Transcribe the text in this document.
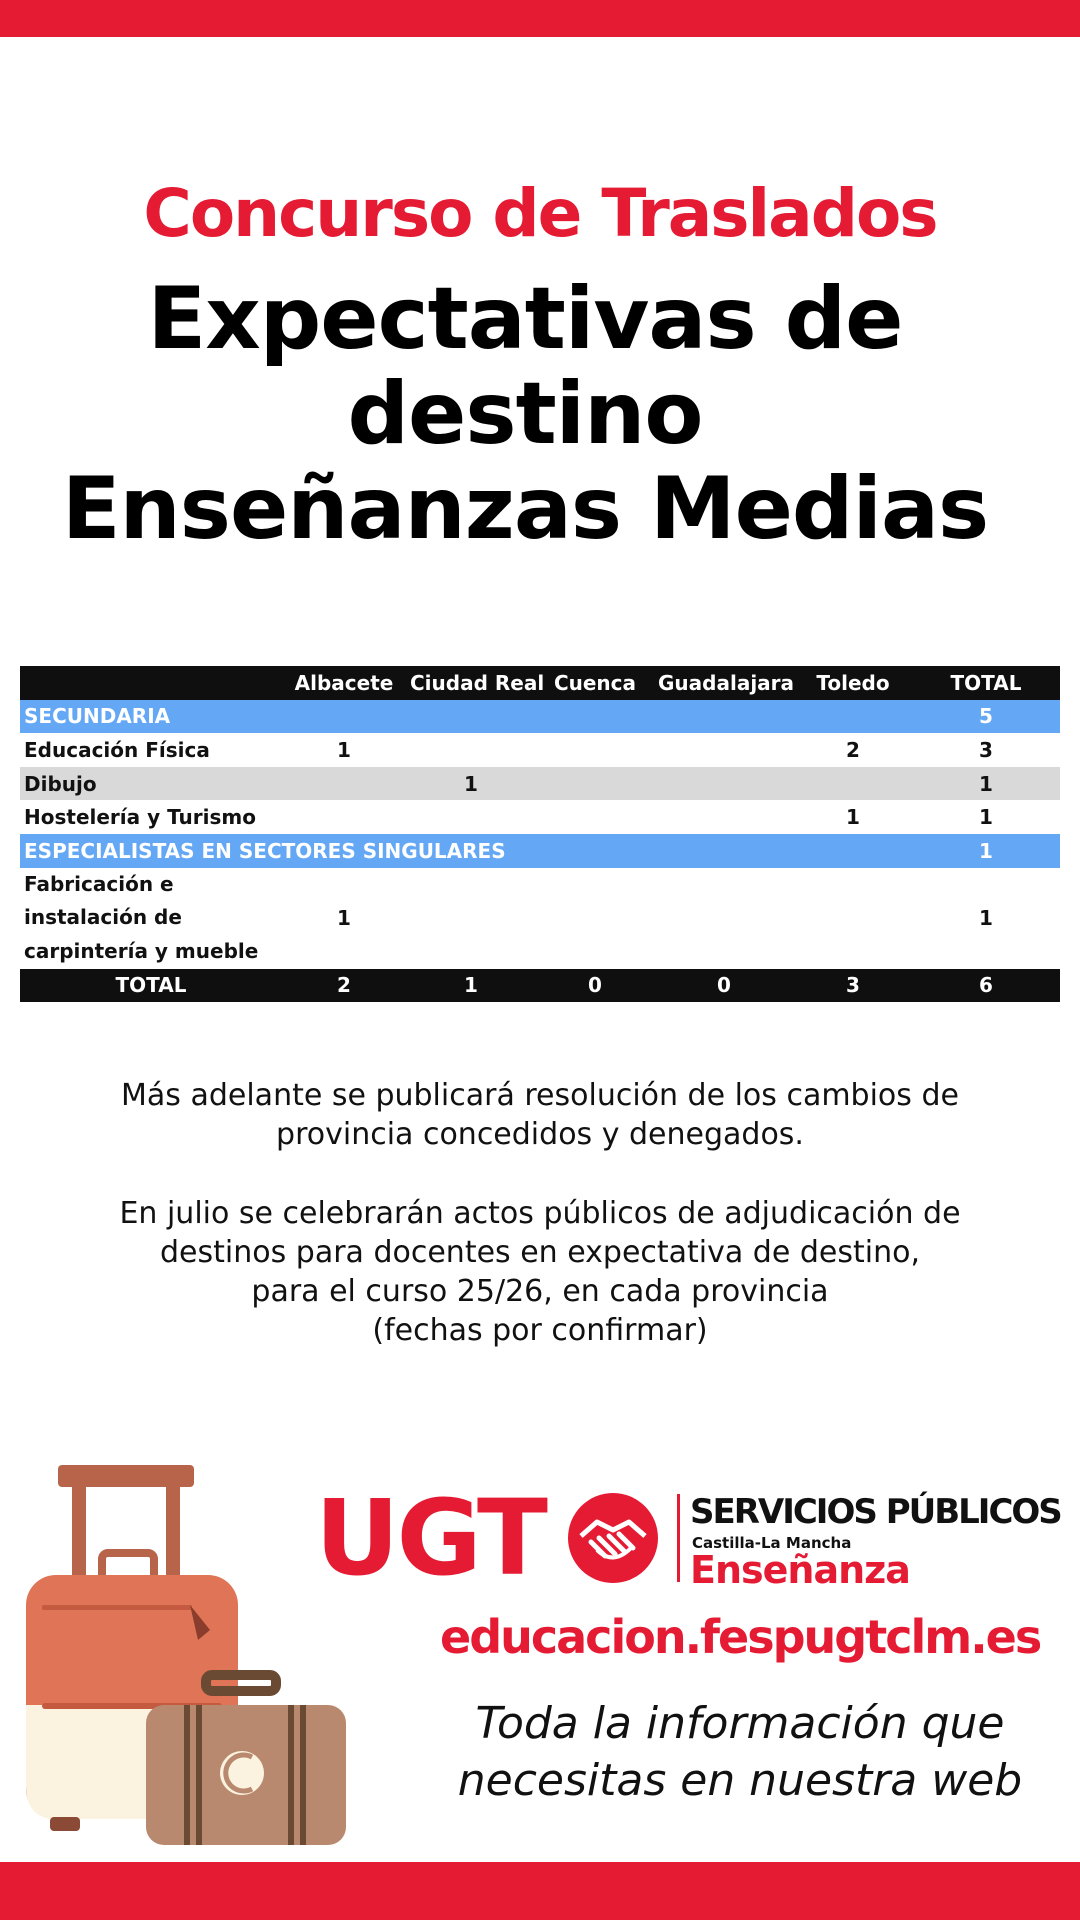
Concurso de Traslados
Expectativas de
destino
Enseñanzas Medias
	Albacete	Ciudad Real	Cuenca	Guadalajara	Toledo	TOTAL
SECUNDARIA						5
Educación Física	1				2	3
Dibujo		1				1
Hostelería y Turismo					1	1
ESPECIALISTAS EN SECTORES SINGULARES						1
Fabricación e instalación de carpintería y mueble	1					1
TOTAL	2	1	0	0	3	6
Más adelante se publicará resolución de los cambios de
provincia concedidos y denegados.
En julio se celebrarán actos públicos de adjudicación de
destinos para docentes en expectativa de destino,
para el curso 25/26, en cada provincia
(fechas por confirmar)
UGT	SERVICIOS PÚBLICOS
Castilla-La Mancha
Enseñanza
educacion.fespugtclm.es
Toda la información que
necesitas en nuestra web
